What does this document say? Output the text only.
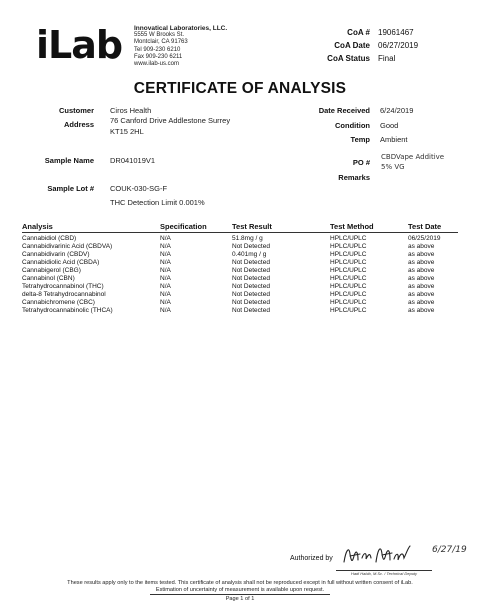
iLab Innovatical Laboratories, LLC.
5555 W Brooks St.
Montclair, CA 91763
Tel 909-230 6210
Fax 909-230 6211
www.ilab-us.com
CoA # 19061467
CoA Date 06/27/2019
CoA Status Final
CERTIFICATE OF ANALYSIS
Customer Ciros Health
Address 76 Canford Drive Addlestone Surrey
KT15 2HL
Date Received 6/24/2019
Condition Good
Temp Ambient
Sample Name DR041019V1	PO #
CBDVape Additive
5% VG
Remarks
Sample Lot # COUK-030-SG-F
THC Detection Limit 0.001%
Analysis	Specification	Test Result	Test Method	Test Date
Cannabidiol (CBD)	N/A	51.8mg / g	HPLC/UPLC	06/25/2019
Cannabidivarinic Acid (CBDVA)	N/A	Not Detected	HPLC/UPLC	as above
Cannabidivarin (CBDV)	N/A	0.401mg / g	HPLC/UPLC	as above
Cannabidiolic Acid (CBDA)	N/A	Not Detected	HPLC/UPLC	as above
Cannabigerol (CBG)	N/A	Not Detected	HPLC/UPLC	as above
Cannabinol (CBN)	N/A	Not Detected	HPLC/UPLC	as above
Tetrahydrocannabinol (THC)	N/A	Not Detected	HPLC/UPLC	as above
delta-8 Tetrahydrocannabinol	N/A	Not Detected	HPLC/UPLC	as above
Cannabichromene (CBC)	N/A	Not Detected	HPLC/UPLC	as above
Tetrahydrocannabinolic (THCA)	N/A	Not Detected	HPLC/UPLC	as above
Authorized by
6/27/19
Hadi Habib, M.Sc. / Technical Deputy
These results apply only to the items tested. This certificate of analysis shall not be reproduced except in full without written consent of iLab.
Estimation of uncertainty of measurement is available upon request.
Page 1 of 1
